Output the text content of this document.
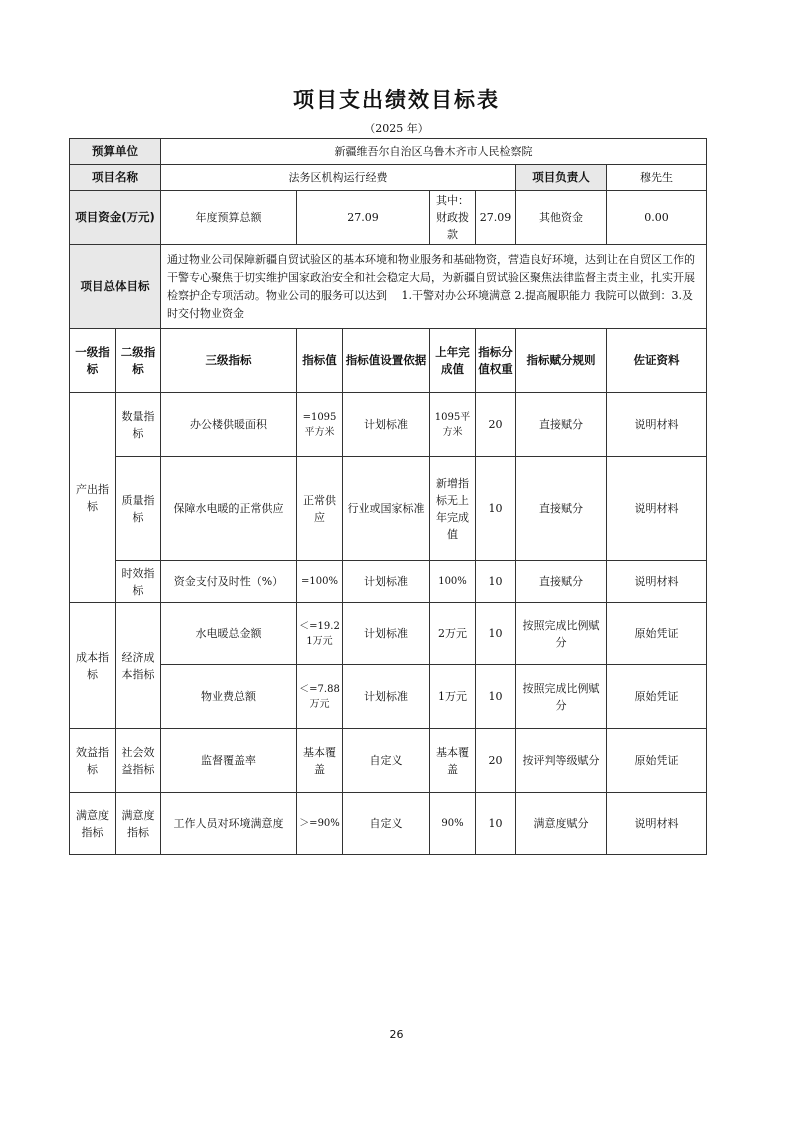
项目支出绩效目标表
（2025 年）
预算单位		新疆维吾尔自治区乌鲁木齐市人民检察院						
项目名称		法务区机构运行经费					项目负责人	穆先生
项目资金(万元)		年度预算总额	27.09		其中：财政拨款	27.09	其他资金	0.00
项目总体目标		通过物业公司保障新疆自贸试验区的基本环境和物业服务和基础物资，营造良好环境，达到让在自贸区工作的干警专心聚焦于切实维护国家政治安全和社会稳定大局，为新疆自贸试验区聚焦法律监督主责主业，扎实开展检察护企专项活动。物业公司的服务可以达到　 1.干警对办公环境满意 2.提高履职能力 我院可以做到：3.及时交付物业资金						
一级指标	二级指标	三级指标	指标值	指标值设置依据	上年完成值	指标分值权重	指标赋分规则	佐证资料
产出指标	数量指标	办公楼供暖面积	=1095平方米	计划标准	1095平方米	20	直接赋分	说明材料
	质量指标	保障水电暖的正常供应	正常供应	行业或国家标准	新增指标无上年完成值	10	直接赋分	说明材料
	时效指标	资金支付及时性（%）	=100%	计划标准	100%	10	直接赋分	说明材料
成本指标	经济成本指标	水电暖总金额	＜=19.21万元	计划标准	2万元	10	按照完成比例赋分	原始凭证
		物业费总额	＜=7.88万元	计划标准	1万元	10	按照完成比例赋分	原始凭证
效益指标	社会效益指标	监督覆盖率	基本覆盖	自定义	基本覆盖	20	按评判等级赋分	原始凭证
满意度指标	满意度指标	工作人员对环境满意度	＞=90%	自定义	90%	10	满意度赋分	说明材料
26
